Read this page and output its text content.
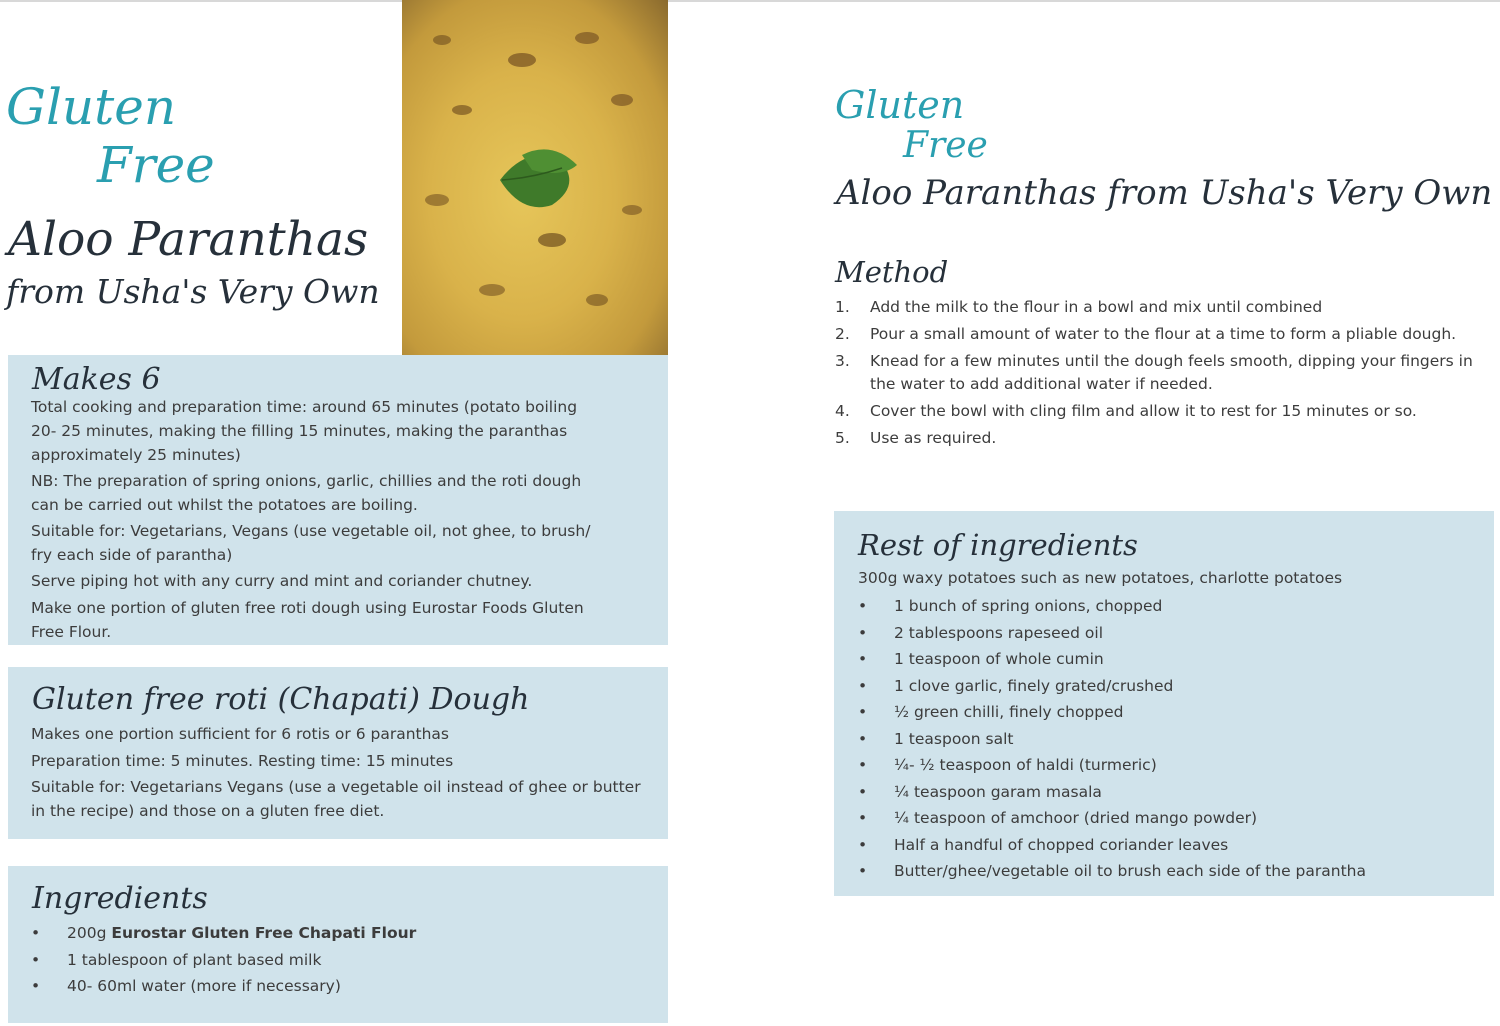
Gluten
Free
Aloo Paranthas
from Usha's Very Own
Makes 6

Total cooking and preparation time: around 65 minutes (potato boiling 20- 25 minutes, making the filling 15 minutes, making the paranthas approximately 25 minutes)

NB: The preparation of spring onions, garlic, chillies and the roti dough can be carried out whilst the potatoes are boiling.

Suitable for: Vegetarians, Vegans (use vegetable oil, not ghee, to brush/ fry each side of parantha)

Serve piping hot with any curry and mint and coriander chutney.

Make one portion of gluten free roti dough using Eurostar Foods Gluten Free Flour.

Gluten free roti (Chapati) Dough

Makes one portion sufficient for 6 rotis or 6 paranthas

Preparation time: 5 minutes. Resting time: 15 minutes

Suitable for: Vegetarians Vegans (use a vegetable oil instead of ghee or butter in the recipe) and those on a gluten free diet.

Ingredients
• 200g Eurostar Gluten Free Chapati Flour
• 1 tablespoon of plant based milk
• 40- 60ml water (more if necessary)
Gluten
Free
Aloo Paranthas from Usha's Very Own
Method
1. Add the milk to the flour in a bowl and mix until combined
2. Pour a small amount of water to the flour at a time to form a pliable dough.
3. Knead for a few minutes until the dough feels smooth, dipping your fingers in the water to add additional water if needed.
4. Cover the bowl with cling film and allow it to rest for 15 minutes or so.
5. Use as required.
Rest of ingredients

300g waxy potatoes such as new potatoes, charlotte potatoes

• 1 bunch of spring onions, chopped
• 2 tablespoons rapeseed oil
• 1 teaspoon of whole cumin
• 1 clove garlic, finely grated/crushed
• ½ green chilli, finely chopped
• 1 teaspoon salt
• ¼- ½ teaspoon of haldi (turmeric)
• ¼ teaspoon garam masala
• ¼ teaspoon of amchoor (dried mango powder)
• Half a handful of chopped coriander leaves
• Butter/ghee/vegetable oil to brush each side of the parantha
